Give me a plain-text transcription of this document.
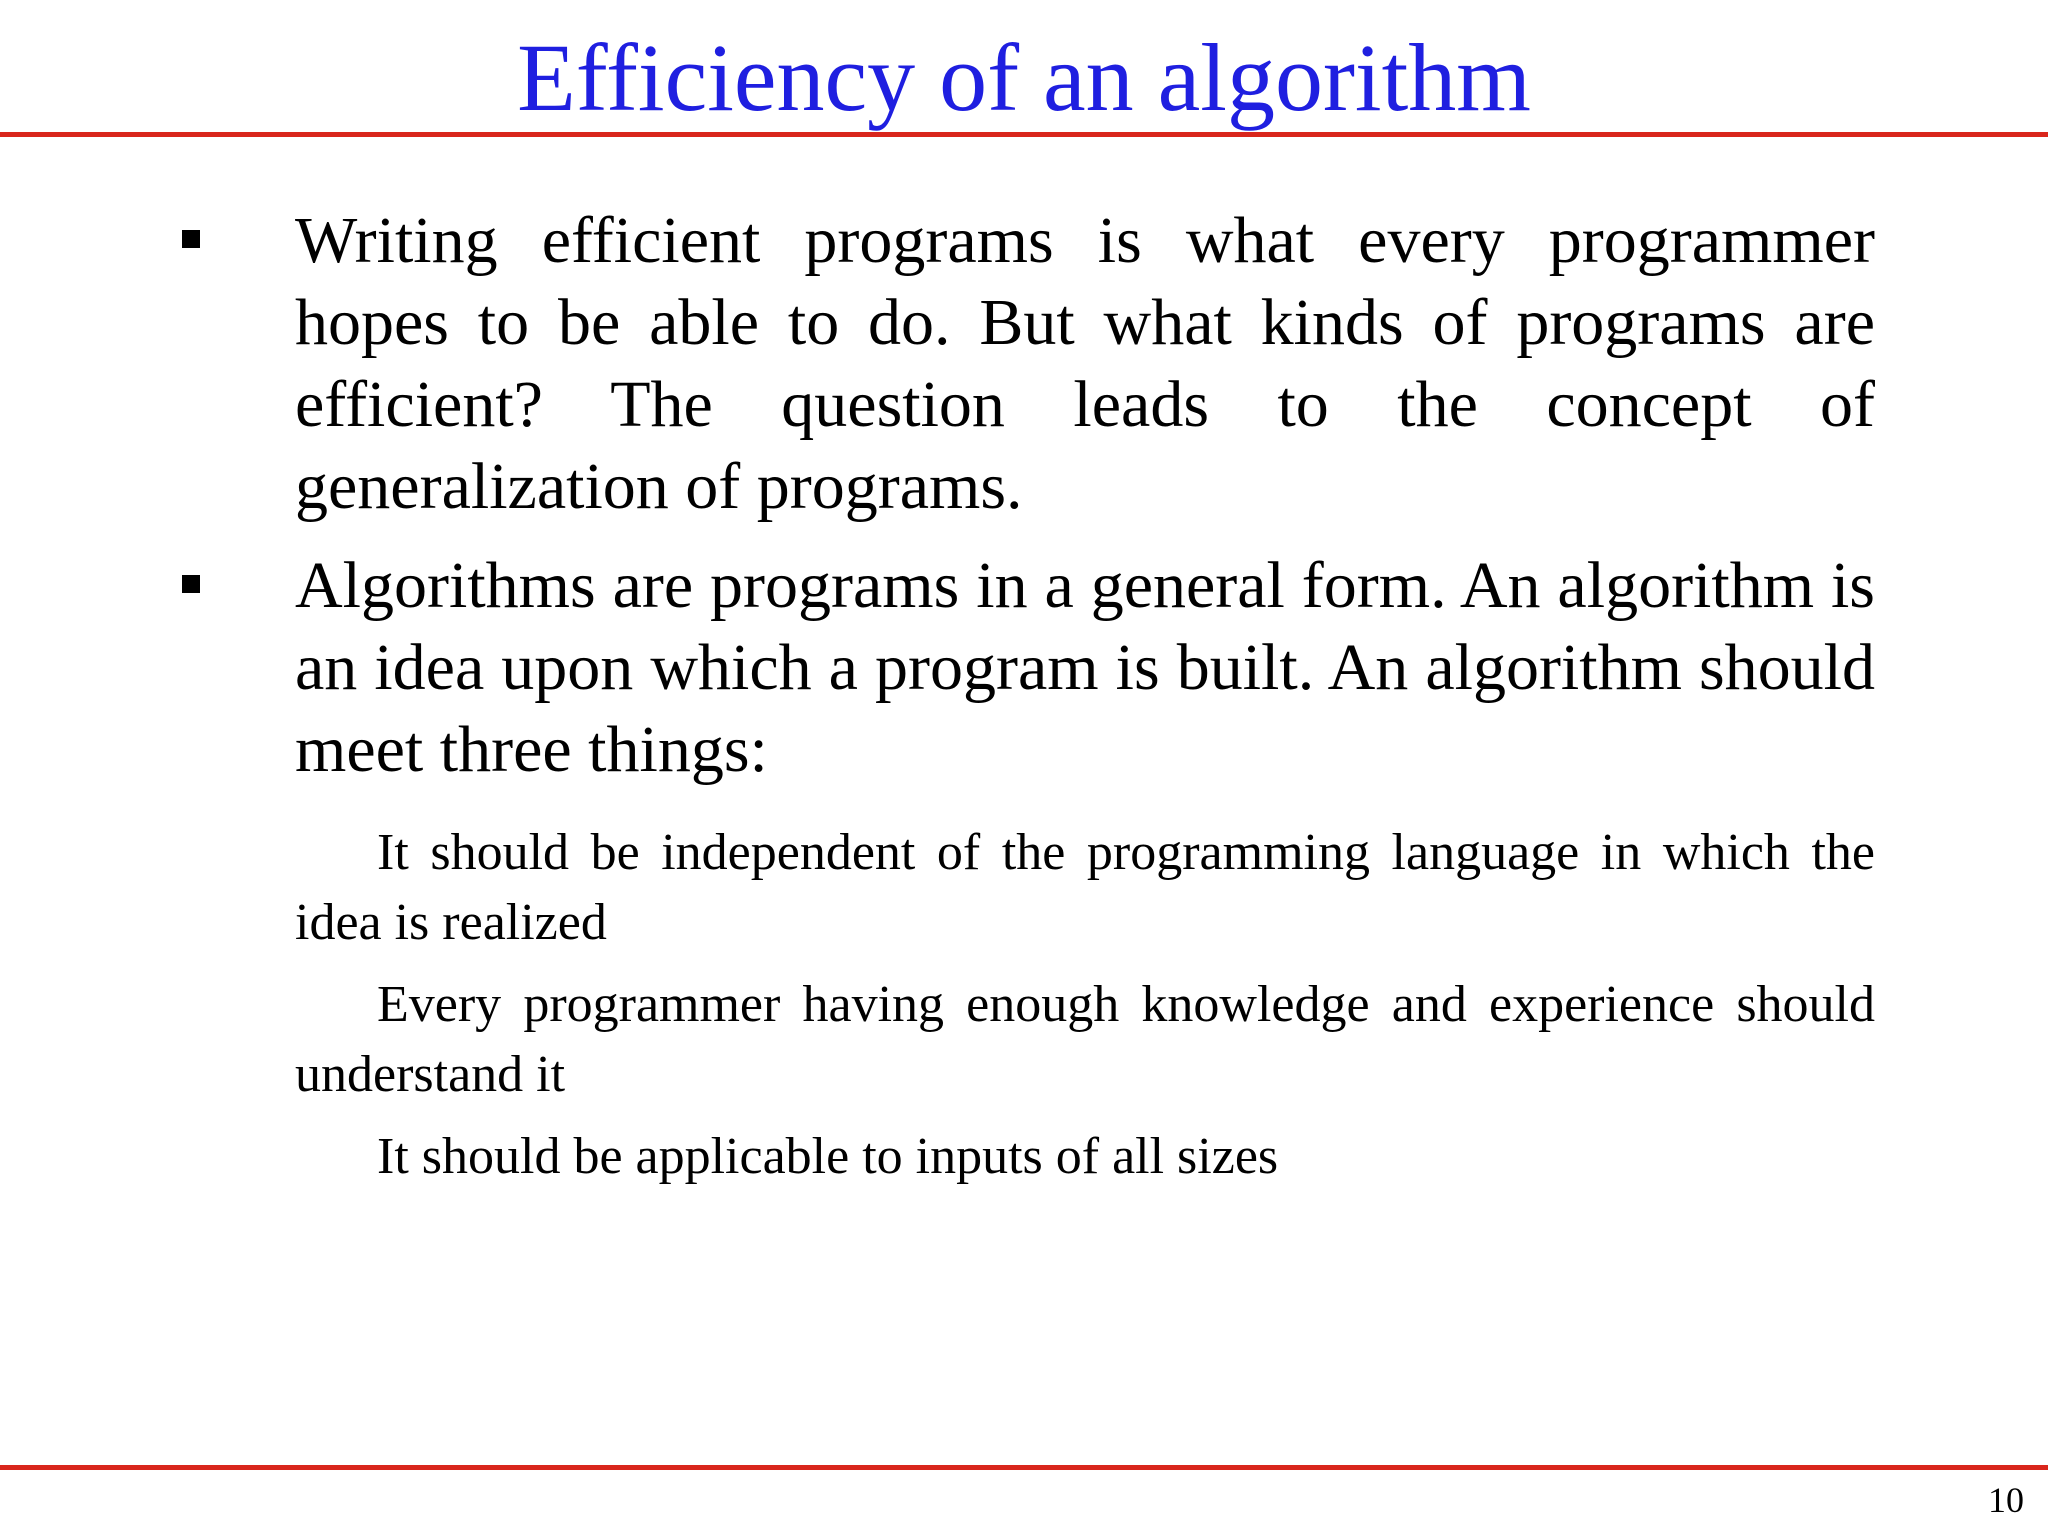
Efficiency of an algorithm

Writing efficient programs is what every programmer hopes to be able to do. But what kinds of programs are efficient? The question leads to the concept of generalization of programs.

Algorithms are programs in a general form. An algorithm is an idea upon which a program is built. An algorithm should meet three things:

It should be independent of the programming language in which the idea is realized

Every programmer having enough knowledge and experience should understand it

It should be applicable to inputs of all sizes

10
